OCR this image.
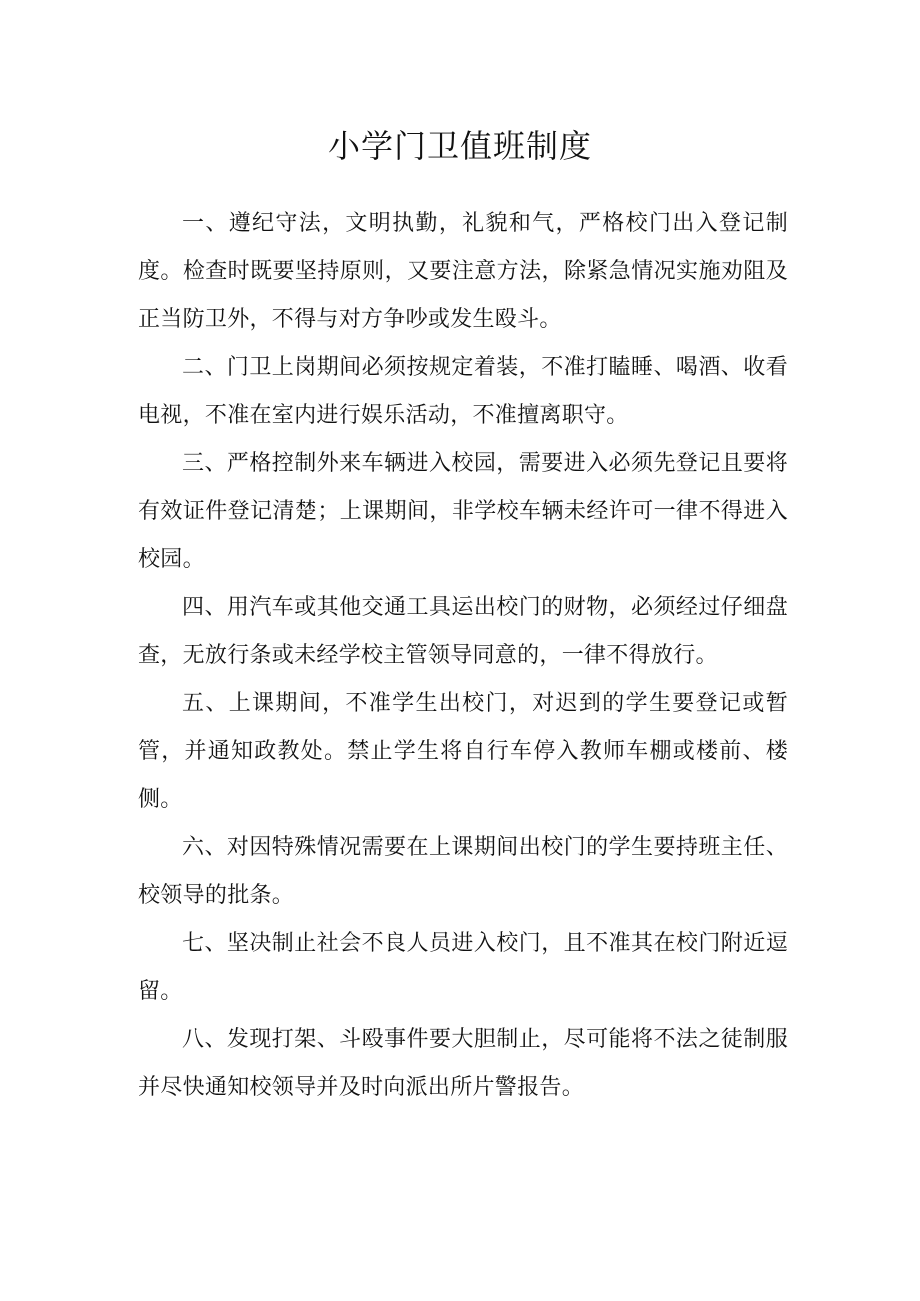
小学门卫值班制度

一、遵纪守法，文明执勤，礼貌和气，严格校门出入登记制度。检查时既要坚持原则，又要注意方法，除紧急情况实施劝阻及正当防卫外，不得与对方争吵或发生殴斗。

二、门卫上岗期间必须按规定着装，不准打瞌睡、喝酒、收看电视，不准在室内进行娱乐活动，不准擅离职守。

三、严格控制外来车辆进入校园，需要进入必须先登记且要将有效证件登记清楚；上课期间，非学校车辆未经许可一律不得进入校园。

四、用汽车或其他交通工具运出校门的财物，必须经过仔细盘查，无放行条或未经学校主管领导同意的，一律不得放行。

五、上课期间，不准学生出校门，对迟到的学生要登记或暂管，并通知政教处。禁止学生将自行车停入教师车棚或楼前、楼侧。

六、对因特殊情况需要在上课期间出校门的学生要持班主任、校领导的批条。

七、坚决制止社会不良人员进入校门，且不准其在校门附近逗留。

八、发现打架、斗殴事件要大胆制止，尽可能将不法之徒制服并尽快通知校领导并及时向派出所片警报告。
